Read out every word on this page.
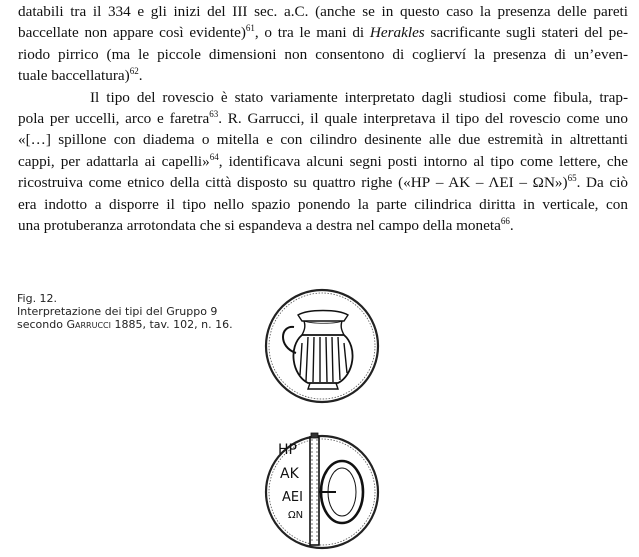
databili tra il 334 e gli inizi del III sec. a.C. (anche se in questo caso la presenza delle pareti
baccellate non appare così evidente)$^{61}$, o tra le mani di Herakles sacrificante sugli stateri del pe-
riodo pirrico (ma le piccole dimensioni non consentono di coglierví la presenza di un’even-
tuale baccellatura)$^{62}$.
Il tipo del rovescio è stato variamente interpretato dagli studiosi come fibula, trap-
pola per uccelli, arco e faretra$^{63}$. R. Garrucci, il quale interpretava il tipo del rovescio come uno
«[…] spillone con diadema o mitella e con cilindro desinente alle due estremità in altrettanti
cappi, per adattarla ai capelli»$^{64}$, identificava alcuni segni posti intorno al tipo come lettere, che
ricostruiva come etnico della città disposto su quattro righe («ΗΡ – ΑΚ – ΛΕΙ – ΩΝ»)$^{65}$. Da ciò
era indotto a disporre il tipo nello spazio ponendo la parte cilindrica diritta in verticale, con
una protuberanza arrotondata che si espandeva a destra nel campo della moneta$^{66}$.
Fig. 12.
Interpretazione dei tipi del Gruppo 9
secondo Garrucci 1885, tav. 102, n. 16.
ΗΡ
ΑΚ
ΑΕΙ
ΩΝ
